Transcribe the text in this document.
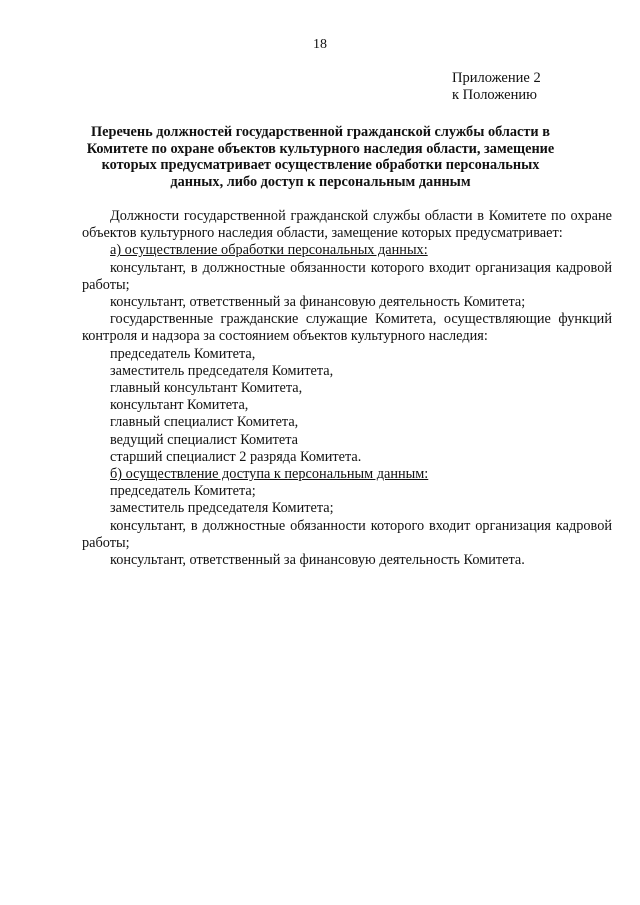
18
Приложение 2
к Положению
Перечень должностей государственной гражданской службы области в Комитете по охране объектов культурного наследия области, замещение которых предусматривает осуществление обработки персональных данных, либо доступ к персональным данным

Должности государственной гражданской службы области в Комитете по охране объектов культурного наследия области, замещение которых предусматривает:

а) осуществление обработки персональных данных:

консультант, в должностные обязанности которого входит организация кадровой работы;

консультант, ответственный за финансовую деятельность Комитета;

государственные гражданские служащие Комитета, осуществляющие функций контроля и надзора за состоянием объектов культурного наследия:

председатель Комитета,

заместитель председателя Комитета,

главный консультант Комитета,

консультант Комитета,

главный специалист Комитета,

ведущий специалист Комитета

старший специалист 2 разряда Комитета.

б) осуществление доступа к персональным данным:

председатель Комитета;

заместитель председателя Комитета;

консультант, в должностные обязанности которого входит организация кадровой работы;

консультант, ответственный за финансовую деятельность Комитета.
